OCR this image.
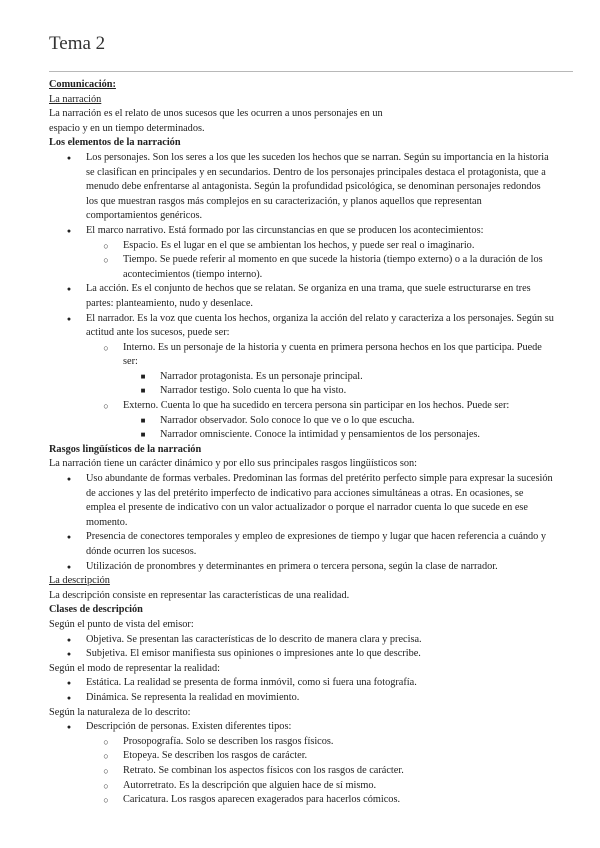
Tema 2

Comunicación:

La narración

La narración es el relato de unos sucesos que les ocurren a unos personajes en un espacio y en un tiempo determinados.

Los elementos de la narración

●	Los personajes. Son los seres a los que les suceden los hechos que se narran. Según su importancia en la historia se clasifican en principales y en secundarios. Dentro de los personajes principales destaca el protagonista, que a menudo debe enfrentarse al antagonista. Según la profundidad psicológica, se denominan personajes redondos los que muestran rasgos más complejos en su caracterización, y planos aquellos que representan comportamientos genéricos.
●	El marco narrativo. Está formado por las circunstancias en que se producen los acontecimientos:
○	Espacio. Es el lugar en el que se ambientan los hechos, y puede ser real o imaginario.
○	Tiempo. Se puede referir al momento en que sucede la historia (tiempo externo) o a la duración de los acontecimientos (tiempo interno).
●	La acción. Es el conjunto de hechos que se relatan. Se organiza en una trama, que suele estructurarse en tres partes: planteamiento, nudo y desenlace.
●	El narrador. Es la voz que cuenta los hechos, organiza la acción del relato y caracteriza a los personajes. Según su actitud ante los sucesos, puede ser:
○	Interno. Es un personaje de la historia y cuenta en primera persona hechos en los que participa. Puede ser:
■	Narrador protagonista. Es un personaje principal.
■	Narrador testigo. Solo cuenta lo que ha visto.
○	Externo. Cuenta lo que ha sucedido en tercera persona sin participar en los hechos. Puede ser:
■	Narrador observador. Solo conoce lo que ve o lo que escucha.
■	Narrador omnisciente. Conoce la intimidad y pensamientos de los personajes.

Rasgos lingüísticos de la narración

La narración tiene un carácter dinámico y por ello sus principales rasgos lingüísticos son:

●	Uso abundante de formas verbales. Predominan las formas del pretérito perfecto simple para expresar la sucesión de acciones y las del pretérito imperfecto de indicativo para acciones simultáneas a otras. En ocasiones, se emplea el presente de indicativo con un valor actualizador o porque el narrador cuenta lo que sucede en ese momento.
●	Presencia de conectores temporales y empleo de expresiones de tiempo y lugar que hacen referencia a cuándo y dónde ocurren los sucesos.
●	Utilización de pronombres y determinantes en primera o tercera persona, según la clase de narrador.

La descripción

La descripción consiste en representar las características de una realidad.

Clases de descripción

Según el punto de vista del emisor:

●	Objetiva. Se presentan las características de lo descrito de manera clara y precisa.
●	Subjetiva. El emisor manifiesta sus opiniones o impresiones ante lo que describe.

Según el modo de representar la realidad:

●	Estática. La realidad se presenta de forma inmóvil, como si fuera una fotografía.
●	Dinámica. Se representa la realidad en movimiento.

Según la naturaleza de lo descrito:

●	Descripción de personas. Existen diferentes tipos:
○	Prosopografía. Solo se describen los rasgos físicos.
○	Etopeya. Se describen los rasgos de carácter.
○	Retrato. Se combinan los aspectos físicos con los rasgos de carácter.
○	Autorretrato. Es la descripción que alguien hace de sí mismo.
○	Caricatura. Los rasgos aparecen exagerados para hacerlos cómicos.
